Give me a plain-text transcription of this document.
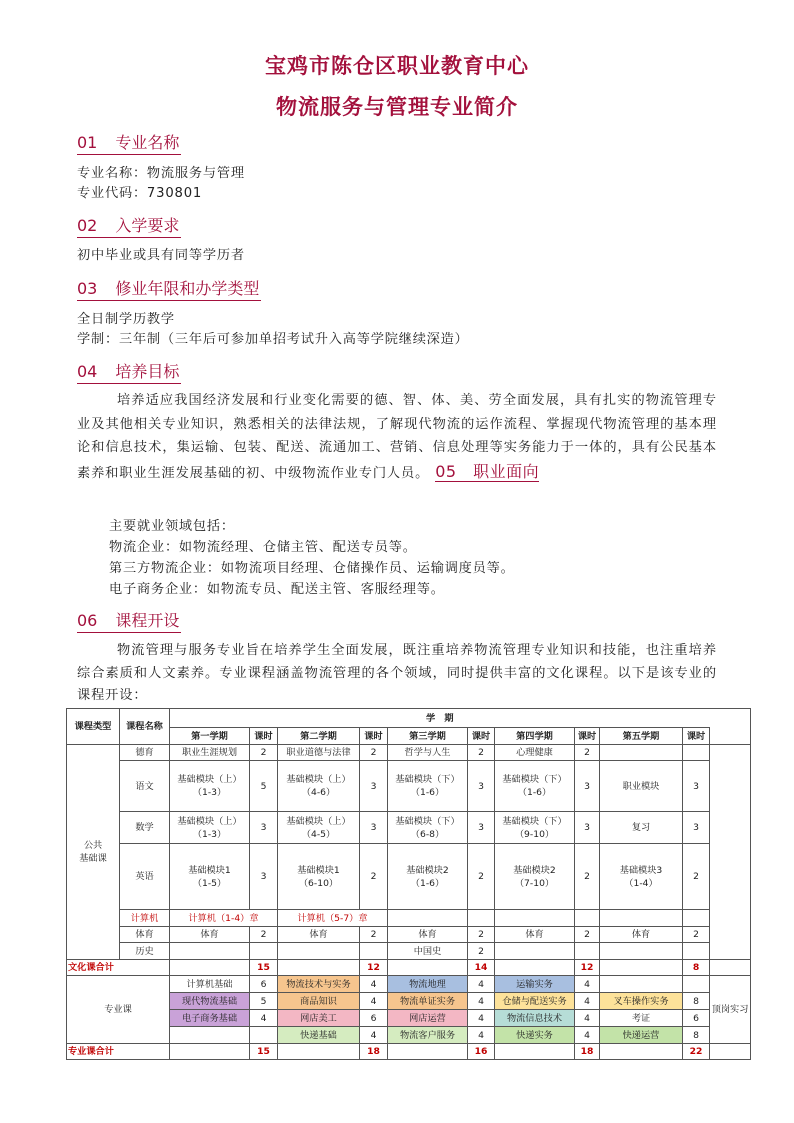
宝鸡市陈仓区职业教育中心
物流服务与管理专业简介
01 专业名称
专业名称：物流服务与管理
专业代码：730801
02 入学要求
初中毕业或具有同等学历者
03 修业年限和办学类型
全日制学历教学
学制：三年制（三年后可参加单招考试升入高等学院继续深造）
04 培养目标
培养适应我国经济发展和行业变化需要的德、智、体、美、劳全面发展，具有扎实的物流管理专业及其他相关专业知识，熟悉相关的法律法规，了解现代物流的运作流程、掌握现代物流管理的基本理论和信息技术，集运输、包装、配送、流通加工、营销、信息处理等实务能力于一体的，具有公民基本素养和职业生涯发展基础的初、中级物流作业专门人员。 05　 职业面向
主要就业领域包括：
物流企业：如物流经理、仓储主管、配送专员等。
第三方物流企业：如物流项目经理、仓储操作员、运输调度员等。
电子商务企业：如物流专员、配送主管、客服经理等。
06 课程开设
物流管理与服务专业旨在培养学生全面发展，既注重培养物流管理专业知识和技能，也注重培养综合素质和人文素养。专业课程涵盖物流管理的各个领域，同时提供丰富的文化课程。以下是该专业的课程开设：
课程类型	课程名称	学　期										
		第一学期	课时	第二学期	课时	第三学期	课时	第四学期	课时	第五学期	课时	
公共
基础课	德育	职业生涯规划	2	职业道德与法律	2	哲学与人生	2	心理健康	2			
	语文	基础模块（上）
（1-3）	5	基础模块（上）
（4-6）	3	基础模块（下）
（1-6）	3	基础模块（下）
（1-6）	3	职业模块	3	
	数学	基础模块（上）
（1-3）	3	基础模块（上）
（4-5）	3	基础模块（下）
（6-8）	3	基础模块（下）
（9-10）	3	复习	3	
	英语	基础模块1
（1-5）	3	基础模块1
（6-10）	2	基础模块2
（1-6）	2	基础模块2
（7-10）	2	基础模块3
（1-4）	2	
	计算机	计算机（1-4）章		计算机（5-7）章								
	体育	体育	2	体育	2	体育	2	体育	2	体育	2	
	历史					中国史	2					
文化课合计			15		12		14		12		8	
专业课		计算机基础	6	物流技术与实务	4	物流地理	4	运输实务	4			顶岗实习
		现代物流基础	5	商品知识	4	物流单证实务	4	仓储与配送实务	4	叉车操作实务	8	
		电子商务基础	4	网店美工	6	网店运营	4	物流信息技术	4	考证	6	
				快递基础	4	物流客户服务	4	快递实务	4	快递运营	8	
专业课合计			15		18		16		18		22	
